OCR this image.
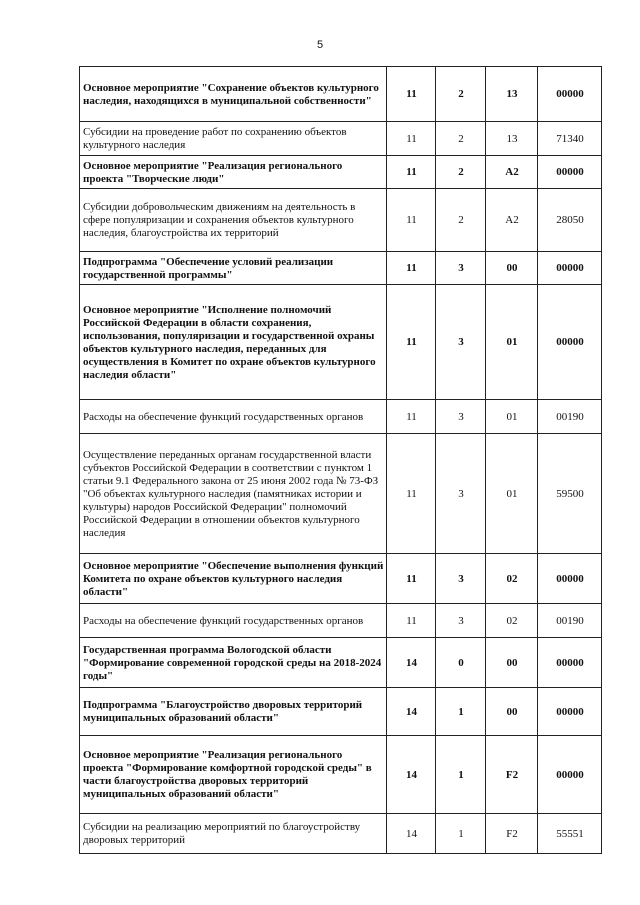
5
Основное мероприятие "Сохранение объектов культурного наследия, находящихся в муниципальной собственности"	11	2	13	00000
Субсидии на проведение работ по сохранению объектов культурного наследия	11	2	13	71340
Основное мероприятие "Реализация регионального проекта "Творческие люди"	11	2	A2	00000
Субсидии добровольческим движениям на деятельность в сфере популяризации и сохранения объектов культурного наследия, благоустройства их территорий	11	2	A2	28050
Подпрограмма "Обеспечение условий реализации государственной программы"	11	3	00	00000
Основное мероприятие "Исполнение полномочий Российской Федерации в области сохранения, использования, популяризации и государственной охраны объектов культурного наследия, переданных для осуществления в Комитет по охране объектов культурного наследия области"	11	3	01	00000
Расходы на обеспечение функций государственных органов	11	3	01	00190
Осуществление переданных органам государственной власти субъектов Российской Федерации в соответствии с пунктом 1 статьи 9.1 Федерального закона от 25 июня 2002 года № 73-ФЗ "Об объектах культурного наследия (памятниках истории и культуры) народов Российской Федерации" полномочий Российской Федерации в отношении объектов культурного наследия	11	3	01	59500
Основное мероприятие "Обеспечение выполнения функций Комитета по охране объектов культурного наследия области"	11	3	02	00000
Расходы на обеспечение функций государственных органов	11	3	02	00190
Государственная программа Вологодской области "Формирование современной городской среды на 2018-2024 годы"	14	0	00	00000
Подпрограмма "Благоустройство дворовых территорий муниципальных образований области"	14	1	00	00000
Основное мероприятие "Реализация регионального проекта "Формирование комфортной городской среды" в части благоустройства дворовых территорий муниципальных образований области"	14	1	F2	00000
Субсидии на реализацию мероприятий по благоустройству дворовых территорий	14	1	F2	55551
